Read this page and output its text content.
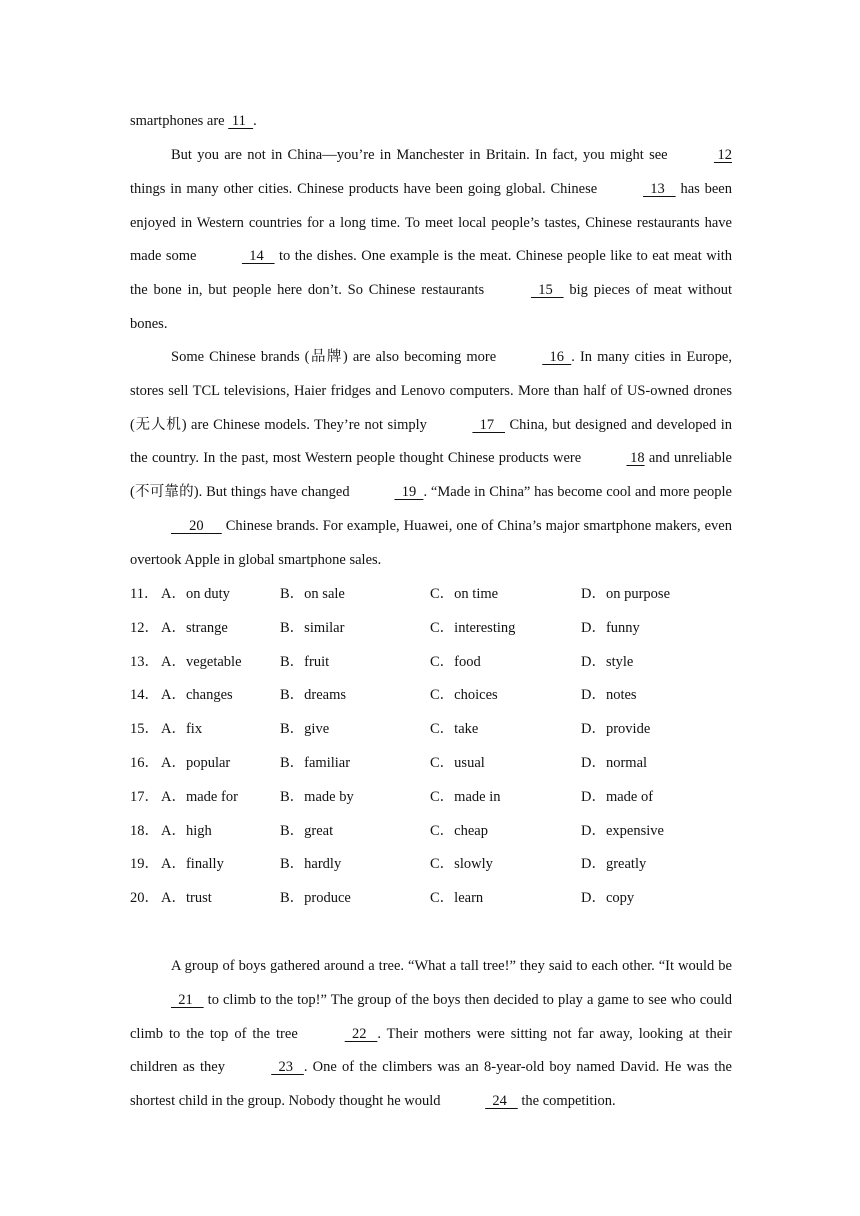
smartphones are  11  .

But you are not in China—you’re in Manchester in Britain. In fact, you might see	12 things in many other cities. Chinese products have been going global. Chinese	13    has been enjoyed in Western countries for a long time. To meet local people’s tastes, Chinese restaurants have made some	14    to the dishes. One example is the meat. Chinese people like to eat meat with the bone in, but people here don’t. So Chinese restaurants	15    big pieces of meat without bones.

Some Chinese brands (品牌) are also becoming more	16  . In many cities in Europe, stores sell TCL televisions, Haier fridges and Lenovo computers. More than half of US-owned drones (无人机) are Chinese models. They’re not simply	17    China, but designed and developed in the country. In the past, most Western people thought Chinese products were	18 and unreliable (不可靠的). But things have changed	19  . “Made in China” has become cool and more people      20      Chinese brands. For example, Huawei, one of China’s major smartphone makers, even overtook Apple in global smartphone sales.

11． A．on duty	B．on sale	C．on time	D．on purpose
12． A．strange	B．similar	C．interesting	D．funny
13． A．vegetable	B．fruit	C．food	D．style
14． A．changes	B．dreams	C．choices	D．notes
15． A．fix	B．give	C．take	D．provide
16． A．popular	B．familiar	C．usual	D．normal
17． A．made for	B．made by	C．made in	D．made of
18． A．high	B．great	C．cheap	D．expensive
19． A．finally	B．hardly	C．slowly	D．greatly
20． A．trust	B．produce	C．learn	D．copy

A group of boys gathered around a tree. “What a tall tree!” they said to each other. “It would be   21    to climb to the top!” The group of the boys then decided to play a game to see who could climb to the top of the tree	22   . Their mothers were sitting not far away, looking at their children as they	23   . One of the climbers was an 8-year-old boy named David. He was the shortest child in the group. Nobody thought he would	24    the competition.
